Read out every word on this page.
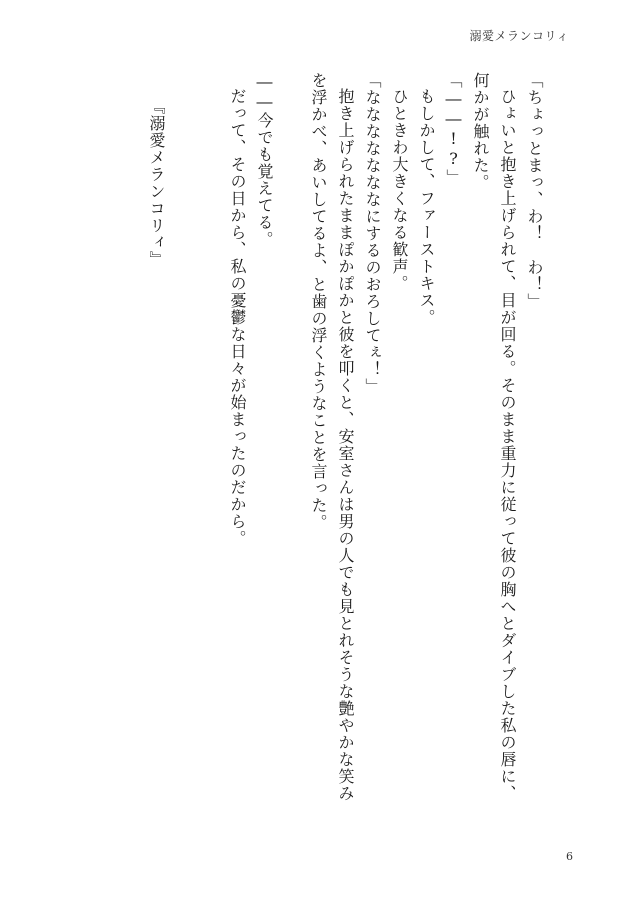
溺愛メランコリィ

「ちょっとまっ、わ！　わ！」

ひょいと抱き上げられて、目が回る。そのまま重力に従って彼の胸へとダイブした私の唇に、何かが触れた。

「――!?」

もしかして、ファーストキス。

ひときわ大きくなる歓声。

「なななななななにするのおろしてぇ！」

抱き上げられたままぽかぽかと彼を叩くと、安室さんは男の人でも見とれそうな艶やかな笑みを浮かべ、あいしてるよ、と歯の浮くようなことを言った。

――今でも覚えてる。

だって、その日から、私の憂鬱な日々が始まったのだから。

『溺愛メランコリィ』

6
